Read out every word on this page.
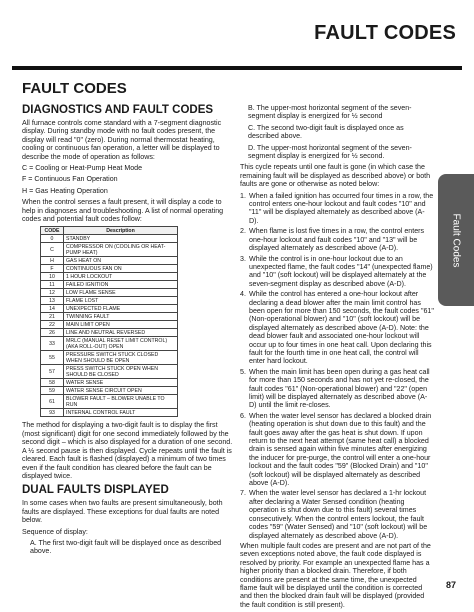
FAULT CODES
FAULT CODES
DIAGNOSTICS AND FAULT CODES

All furnace controls come standard with a 7-segment diagnostic display. During standby mode with no fault codes present, the display will read "0" (zero). During normal thermostat heating, cooling or continuous fan operation, a letter will be displayed to describe the mode of operation as follows:

C = Cooling or Heat-Pump Heat Mode

F = Continuous Fan Operation

H = Gas Heating Operation

When the control senses a fault present, it will display a code to help in diagnoses and troubleshooting. A list of normal operating codes and potential fault codes follow:

CODE	Description
0	STANDBY
C	COMPRESSOR ON (COOLING OR HEAT-PUMP HEAT)
H	GAS HEAT ON
F	CONTINUOUS FAN ON
10	1 HOUR LOCKOUT
11	FAILED IGNITION
12	LOW FLAME SENSE
13	FLAME LOST
14	UNEXPECTED FLAME
21	TWINNING FAULT
22	MAIN LIMIT OPEN
26	LINE AND NEUTRAL REVERSED
33	MRLC (MANUAL RESET LIMIT CONTROL) (AKA ROLL-OUT) OPEN
55	PRESSURE SWITCH STUCK CLOSED WHEN SHOULD BE OPEN
57	PRESS SWITCH STUCK OPEN WHEN SHOULD BE CLOSED
58	WATER SENSE
59	WATER SENSE CIRCUIT OPEN
61	BLOWER FAULT – BLOWER UNABLE TO RUN
93	INTERNAL CONTROL FAULT

The method for displaying a two-digit fault is to display the first (most significant) digit for one second immediately followed by the second digit – which is also displayed for a duration of one second. A ½ second pause is then displayed. Cycle repeats until the fault is cleared. Each fault is flashed (displayed) a minimum of two times even if the fault condition has cleared before the fault can be displayed twice.

DUAL FAULTS DISPLAYED

In some cases when two faults are present simultaneously, both faults are displayed. These exceptions for dual faults are noted below.

Sequence of display:

A. The first two-digit fault will be displayed once as described above.

B. The upper-most horizontal segment of the seven-segment display is energized for ½ second

C. The second two-digit fault is displayed once as described above.

D. The upper-most horizontal segment of the seven-segment display is energized for ½ second.

This cycle repeats until one fault is gone (in which case the remaining fault will be displayed as described above) or both faults are gone or otherwise as noted below:

1. When a failed ignition has occurred four times in a row, the control enters one-hour lockout and fault codes "10" and "11" will be displayed alternately as described above (A-D).
2. When flame is lost five times in a row, the control enters one-hour lockout and fault codes "10" and "13" will be displayed alternately as described above (A-D).
3. While the control is in one-hour lockout due to an unexpected flame, the fault codes "14" (unexpected flame) and "10" (soft lockout) will be displayed alternately at the seven-segment display as described above (A-D).
4. While the control has entered a one-hour lockout after declaring a dead blower after the main limit control has been open for more than 150 seconds, the fault codes "61" (Non-operational blower) and "10" (soft lockout) will be displayed alternately as described above (A-D). Note: the dead blower fault and associated one-hour lockout will occur up to four times in one heat call. Upon declaring this fault for the fourth time in one heat call, the control will enter hard lockout.
5. When the main limit has been open during a gas heat call for more than 150 seconds and has not yet re-closed, the fault codes "61" (Non-operational blower) and "22" (open limit) will be displayed alternately as described above (A-D) until the limit re-closes.
6. When the water level sensor has declared a blocked drain (heating operation is shut down due to this fault) and the fault goes away after the gas heat is shut down. If upon return to the next heat attempt (same heat call) a blocked drain is sensed again within five minutes after energizing the inducer for pre-purge, the control will enter a one-hour lockout and the fault codes "59" (Blocked Drain) and "10" (soft lockout) will be displayed alternately as described above (A-D).
7. When the water level sensor has declared a 1-hr lockout after declaring a Water Sensed condition (heating operation is shut down due to this fault) several times consecutively. When the control enters lockout, the fault codes "59" (Water Sensed) and "10" (soft lockout) will be displayed alternately as described above (A-D).

When multiple fault codes are present and are not part of the seven exceptions noted above, the fault code displayed is resolved by priority. For example an unexpected flame has a higher priority than a blocked drain. Therefore, if both conditions are present at the same time, the unexpected flame fault will be displayed until the condition is corrected and then the blocked drain fault will be displayed (provided the fault condition is still present).

Fault Codes
87
